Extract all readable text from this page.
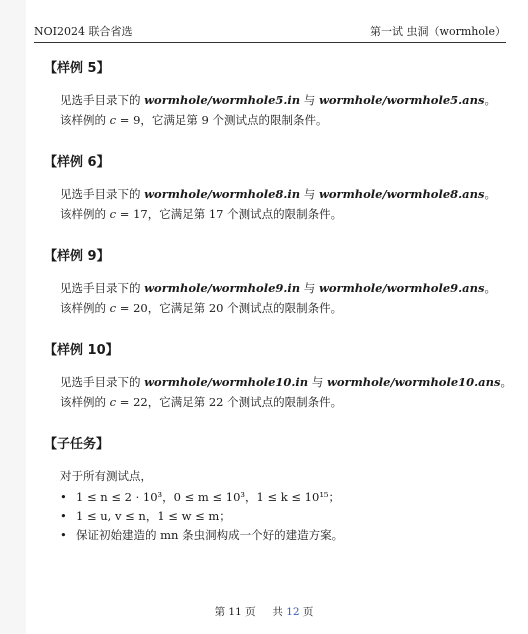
NOI2024 联合省选	第一试 虫洞（wormhole）
【样例 5】
见选手目录下的 wormhole/wormhole5.in 与 wormhole/wormhole5.ans。
该样例的 c = 9，它满足第 9 个测试点的限制条件。
【样例 6】
见选手目录下的 wormhole/wormhole8.in 与 wormhole/wormhole8.ans。
该样例的 c = 17，它满足第 17 个测试点的限制条件。
【样例 9】
见选手目录下的 wormhole/wormhole9.in 与 wormhole/wormhole9.ans。
该样例的 c = 20，它满足第 20 个测试点的限制条件。
【样例 10】
见选手目录下的 wormhole/wormhole10.in 与 wormhole/wormhole10.ans。
该样例的 c = 22，它满足第 22 个测试点的限制条件。
【子任务】
对于所有测试点，
• 1 ≤ n ≤ 2 · 10³，0 ≤ m ≤ 10³，1 ≤ k ≤ 10¹⁵；
• 1 ≤ u, v ≤ n，1 ≤ w ≤ m；
• 保证初始建造的 mn 条虫洞构成一个好的建造方案。
第 11 页 共 12 页
